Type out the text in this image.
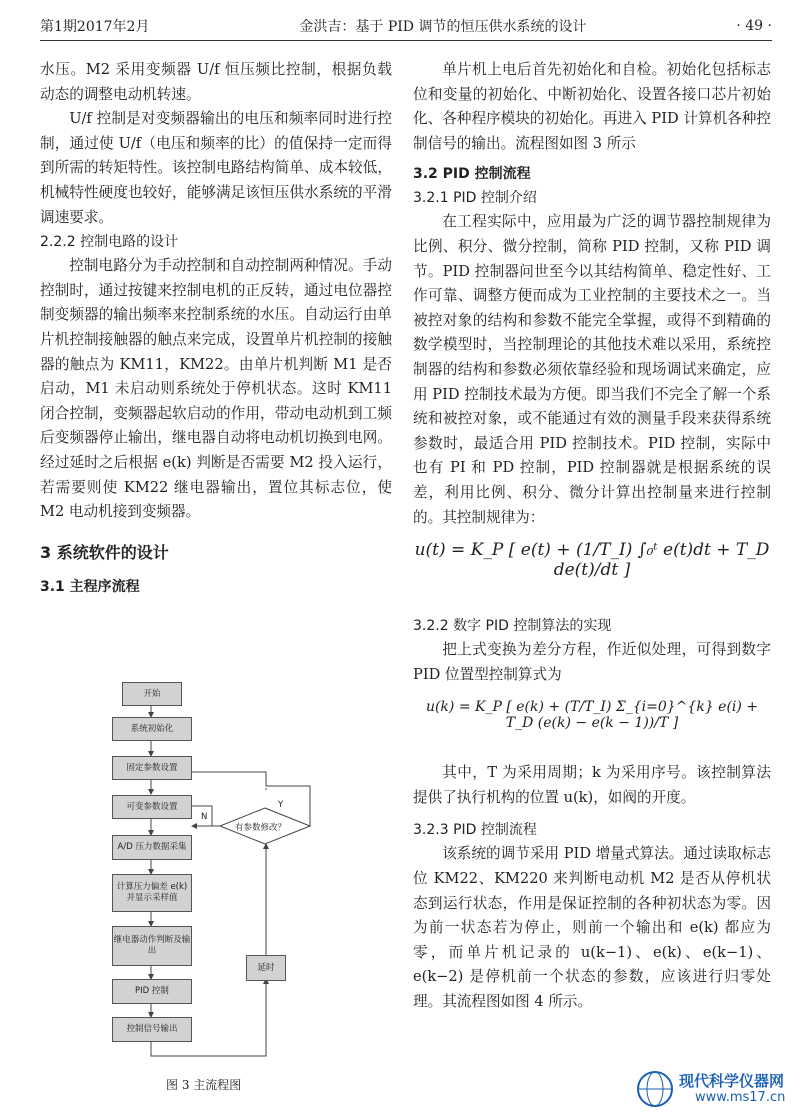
第1期2017年2月	金洪吉：基于 PID 调节的恒压供水系统的设计	· 49 ·

水压。M2 采用变频器 U/f 恒压频比控制，根据负载动态的调整电动机转速。

U/f 控制是对变频器输出的电压和频率同时进行控制，通过使 U/f（电压和频率的比）的值保持一定而得到所需的转矩特性。该控制电路结构简单、成本较低，机械特性硬度也较好，能够满足该恒压供水系统的平滑调速要求。

2.2.2 控制电路的设计

控制电路分为手动控制和自动控制两种情况。手动控制时，通过按键来控制电机的正反转，通过电位器控制变频器的输出频率来控制系统的水压。自动运行由单片机控制接触器的触点来完成，设置单片机控制的接触器的触点为 KM11，KM22。由单片机判断 M1 是否启动，M1 未启动则系统处于停机状态。这时 KM11 闭合控制，变频器起软启动的作用，带动电动机到工频后变频器停止输出，继电器自动将电动机切换到电网。经过延时之后根据 e(k) 判断是否需要 M2 投入运行，若需要则使 KM22 继电器输出，置位其标志位，使 M2 电动机接到变频器。

3 系统软件的设计
3.1 主程序流程
开始
系统初始化
固定参数设置
可变参数设置
A/D 压力数据采集
计算压力偏差 e(k) 并显示采样值
继电器动作判断及输出
PID 控制
控制信号输出
延时
有参数修改？
Y
N
图 3 主流程图

单片机上电后首先初始化和自检。初始化包括标志位和变量的初始化、中断初始化、设置各接口芯片初始化、各种程序模块的初始化。再进入 PID 计算机各种控制信号的输出。流程图如图 3 所示

3.2 PID 控制流程
3.2.1 PID 控制介绍

在工程实际中，应用最为广泛的调节器控制规律为比例、积分、微分控制，简称 PID 控制，又称 PID 调节。PID 控制器问世至今以其结构简单、稳定性好、工作可靠、调整方便而成为工业控制的主要技术之一。当被控对象的结构和参数不能完全掌握，或得不到精确的数学模型时，当控制理论的其他技术难以采用，系统控制器的结构和参数必须依靠经验和现场调试来确定，应用 PID 控制技术最为方便。即当我们不完全了解一个系统和被控对象，或不能通过有效的测量手段来获得系统参数时，最适合用 PID 控制技术。PID 控制，实际中也有 PI 和 PD 控制，PID 控制器就是根据系统的误差，利用比例、积分、微分计算出控制量来进行控制的。其控制规律为：

u(t) = K_P [ e(t) + (1/T_I) ∫₀ᵗ e(t)dt + T_D de(t)/dt ]
3.2.2 数字 PID 控制算法的实现

把上式变换为差分方程，作近似处理，可得到数字 PID 位置型控制算式为

u(k) = K_P [ e(k) + (T/T_I) Σ_{i=0}^{k} e(i) + T_D (e(k) − e(k − 1))/T ]

其中，T 为采用周期；k 为采用序号。该控制算法提供了执行机构的位置 u(k)，如阀的开度。

3.2.3 PID 控制流程

该系统的调节采用 PID 增量式算法。通过读取标志位 KM22、KM220 来判断电动机 M2 是否从停机状态到运行状态，作用是保证控制的各种初状态为零。因为前一状态若为停止，则前一个输出和 e(k) 都应为零，而单片机记录的 u(k−1)、e(k)、e(k−1)、e(k−2) 是停机前一个状态的参数，应该进行归零处理。其流程图如图 4 所示。

现代科学仪器网
www.ms17.cn
